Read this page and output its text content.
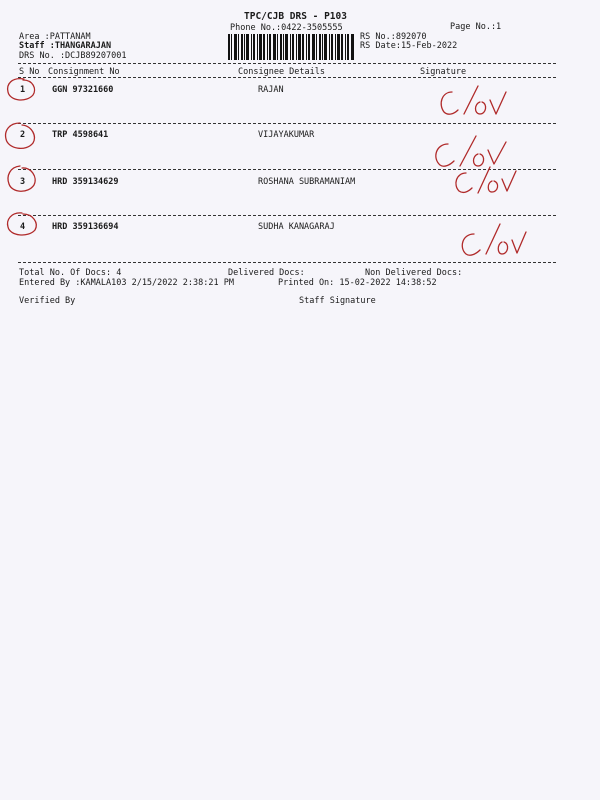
TPC/CJB DRS - P103
Phone No.:0422-3505555	Page No.:1
Area :PATTANAM
Staff :THANGARAJAN
DRS No. :DCJB89207001
RS No.:892070
RS Date:15-Feb-2022
S No Consignment No	Consignee Details	Signature
1	GGN 97321660	RAJAN
2	TRP 4598641	VIJAYAKUMAR
3	HRD 359134629	ROSHANA SUBRAMANIAM
4	HRD 359136694	SUDHA KANAGARAJ
Total No. Of Docs: 4	Delivered Docs:	Non Delivered Docs:
Entered By :KAMALA103 2/15/2022 2:38:21 PM	Printed On: 15-02-2022 14:38:52
Verified By	Staff Signature
